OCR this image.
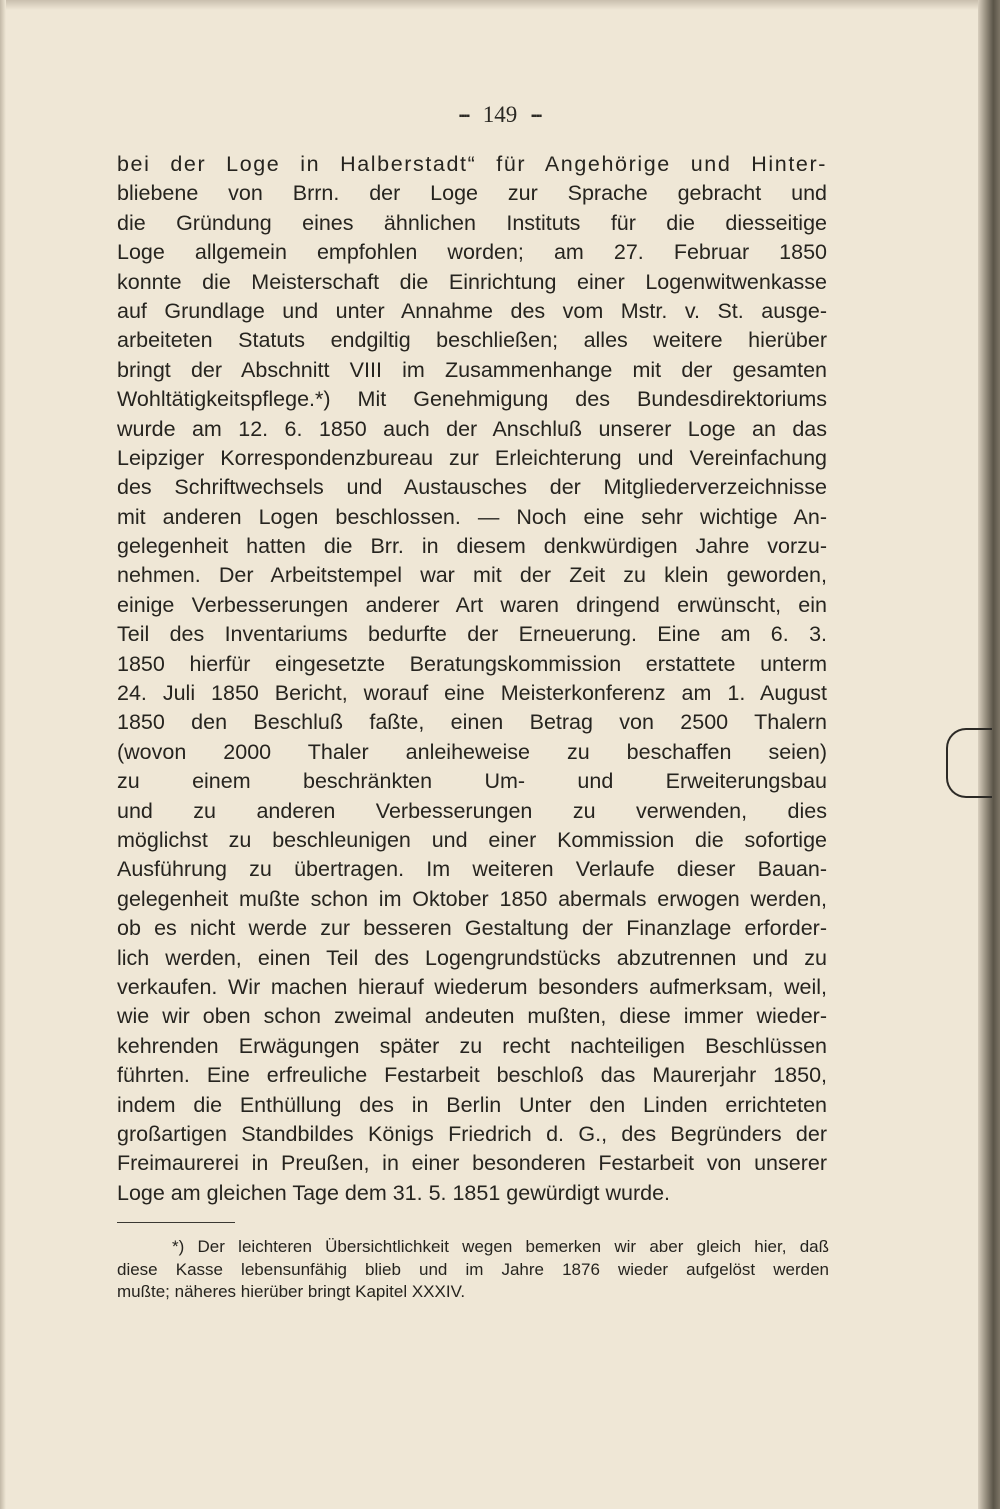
▪▪▪▪ 149 ▪▪▪▪
bei der Loge in Halberstadt“ für Angehörige und Hinter-
bliebene von Brrn. der Loge zur Sprache gebracht und
die Gründung eines ähnlichen Instituts für die diesseitige
Loge allgemein empfohlen worden; am 27. Februar 1850
konnte die Meisterschaft die Einrichtung einer Logenwitwenkasse
auf Grundlage und unter Annahme des vom Mstr. v. St. ausge-
arbeiteten Statuts endgiltig beschließen; alles weitere hierüber
bringt der Abschnitt VIII im Zusammenhange mit der gesamten
Wohltätigkeitspflege.*) Mit Genehmigung des Bundesdirektoriums
wurde am 12. 6. 1850 auch der Anschluß unserer Loge an das
Leipziger Korrespondenzbureau zur Erleichterung und Vereinfachung
des Schriftwechsels und Austausches der Mitgliederverzeichnisse
mit anderen Logen beschlossen. — Noch eine sehr wichtige An-
gelegenheit hatten die Brr. in diesem denkwürdigen Jahre vorzu-
nehmen. Der Arbeitstempel war mit der Zeit zu klein geworden,
einige Verbesserungen anderer Art waren dringend erwünscht, ein
Teil des Inventariums bedurfte der Erneuerung. Eine am 6. 3.
1850 hierfür eingesetzte Beratungskommission erstattete unterm
24. Juli 1850 Bericht, worauf eine Meisterkonferenz am 1. August
1850 den Beschluß faßte, einen Betrag von 2500 Thalern
(wovon 2000 Thaler anleiheweise zu beschaffen seien)
zu einem beschränkten Um- und Erweiterungsbau
und zu anderen Verbesserungen zu verwenden, dies
möglichst zu beschleunigen und einer Kommission die sofortige
Ausführung zu übertragen. Im weiteren Verlaufe dieser Bauan-
gelegenheit mußte schon im Oktober 1850 abermals erwogen werden,
ob es nicht werde zur besseren Gestaltung der Finanzlage erforder-
lich werden, einen Teil des Logengrundstücks abzutrennen und zu
verkaufen. Wir machen hierauf wiederum besonders aufmerksam, weil,
wie wir oben schon zweimal andeuten mußten, diese immer wieder-
kehrenden Erwägungen später zu recht nachteiligen Beschlüssen
führten. Eine erfreuliche Festarbeit beschloß das Maurerjahr 1850,
indem die Enthüllung des in Berlin Unter den Linden errichteten
großartigen Standbildes Königs Friedrich d. G., des Begründers der
Freimaurerei in Preußen, in einer besonderen Festarbeit von unserer
Loge am gleichen Tage dem 31. 5. 1851 gewürdigt wurde.
*) Der leichteren Übersichtlichkeit wegen bemerken wir aber gleich hier, daß
diese Kasse lebensunfähig blieb und im Jahre 1876 wieder aufgelöst werden
mußte; näheres hierüber bringt Kapitel XXXIV.
